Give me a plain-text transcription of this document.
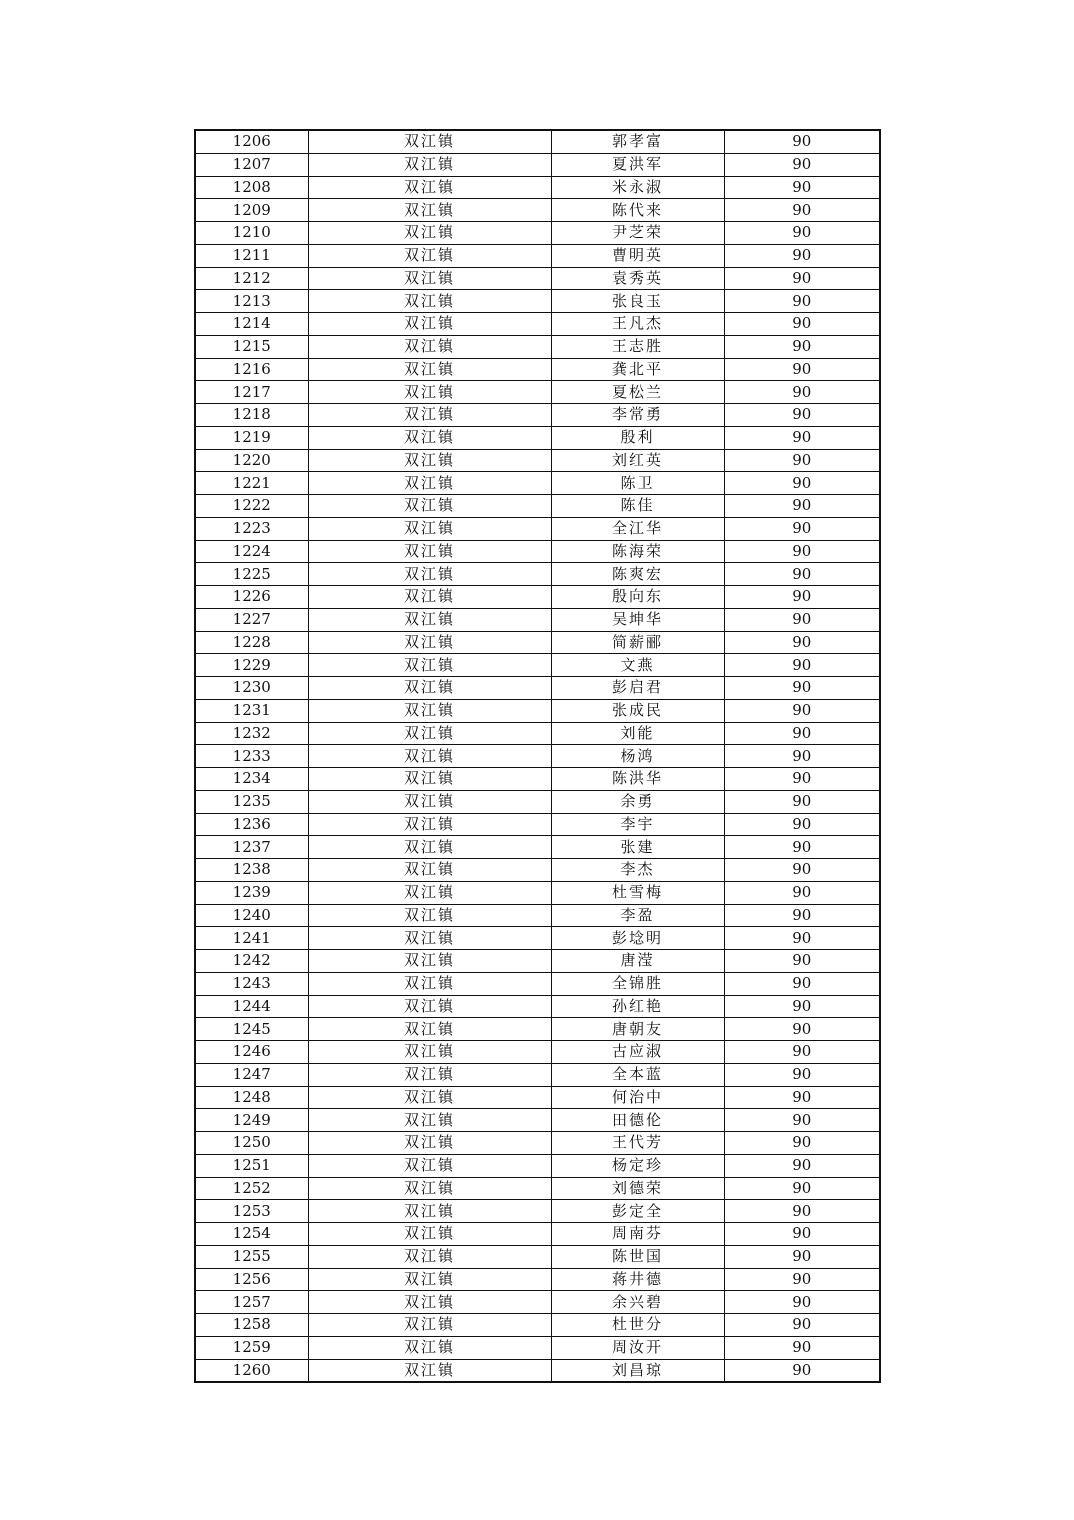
1206	双江镇	郭孝富	90
1207	双江镇	夏洪军	90
1208	双江镇	米永淑	90
1209	双江镇	陈代来	90
1210	双江镇	尹芝荣	90
1211	双江镇	曹明英	90
1212	双江镇	袁秀英	90
1213	双江镇	张良玉	90
1214	双江镇	王凡杰	90
1215	双江镇	王志胜	90
1216	双江镇	龚北平	90
1217	双江镇	夏松兰	90
1218	双江镇	李常勇	90
1219	双江镇	殷利	90
1220	双江镇	刘红英	90
1221	双江镇	陈卫	90
1222	双江镇	陈佳	90
1223	双江镇	全江华	90
1224	双江镇	陈海荣	90
1225	双江镇	陈爽宏	90
1226	双江镇	殷向东	90
1227	双江镇	吴坤华	90
1228	双江镇	简薪郦	90
1229	双江镇	文燕	90
1230	双江镇	彭启君	90
1231	双江镇	张成民	90
1232	双江镇	刘能	90
1233	双江镇	杨鸿	90
1234	双江镇	陈洪华	90
1235	双江镇	余勇	90
1236	双江镇	李宇	90
1237	双江镇	张建	90
1238	双江镇	李杰	90
1239	双江镇	杜雪梅	90
1240	双江镇	李盈	90
1241	双江镇	彭埝明	90
1242	双江镇	唐滢	90
1243	双江镇	全锦胜	90
1244	双江镇	孙红艳	90
1245	双江镇	唐朝友	90
1246	双江镇	古应淑	90
1247	双江镇	全本蓝	90
1248	双江镇	何治中	90
1249	双江镇	田德伦	90
1250	双江镇	王代芳	90
1251	双江镇	杨定珍	90
1252	双江镇	刘德荣	90
1253	双江镇	彭定全	90
1254	双江镇	周南芬	90
1255	双江镇	陈世国	90
1256	双江镇	蒋井德	90
1257	双江镇	余兴碧	90
1258	双江镇	杜世分	90
1259	双江镇	周汝开	90
1260	双江镇	刘昌琼	90
